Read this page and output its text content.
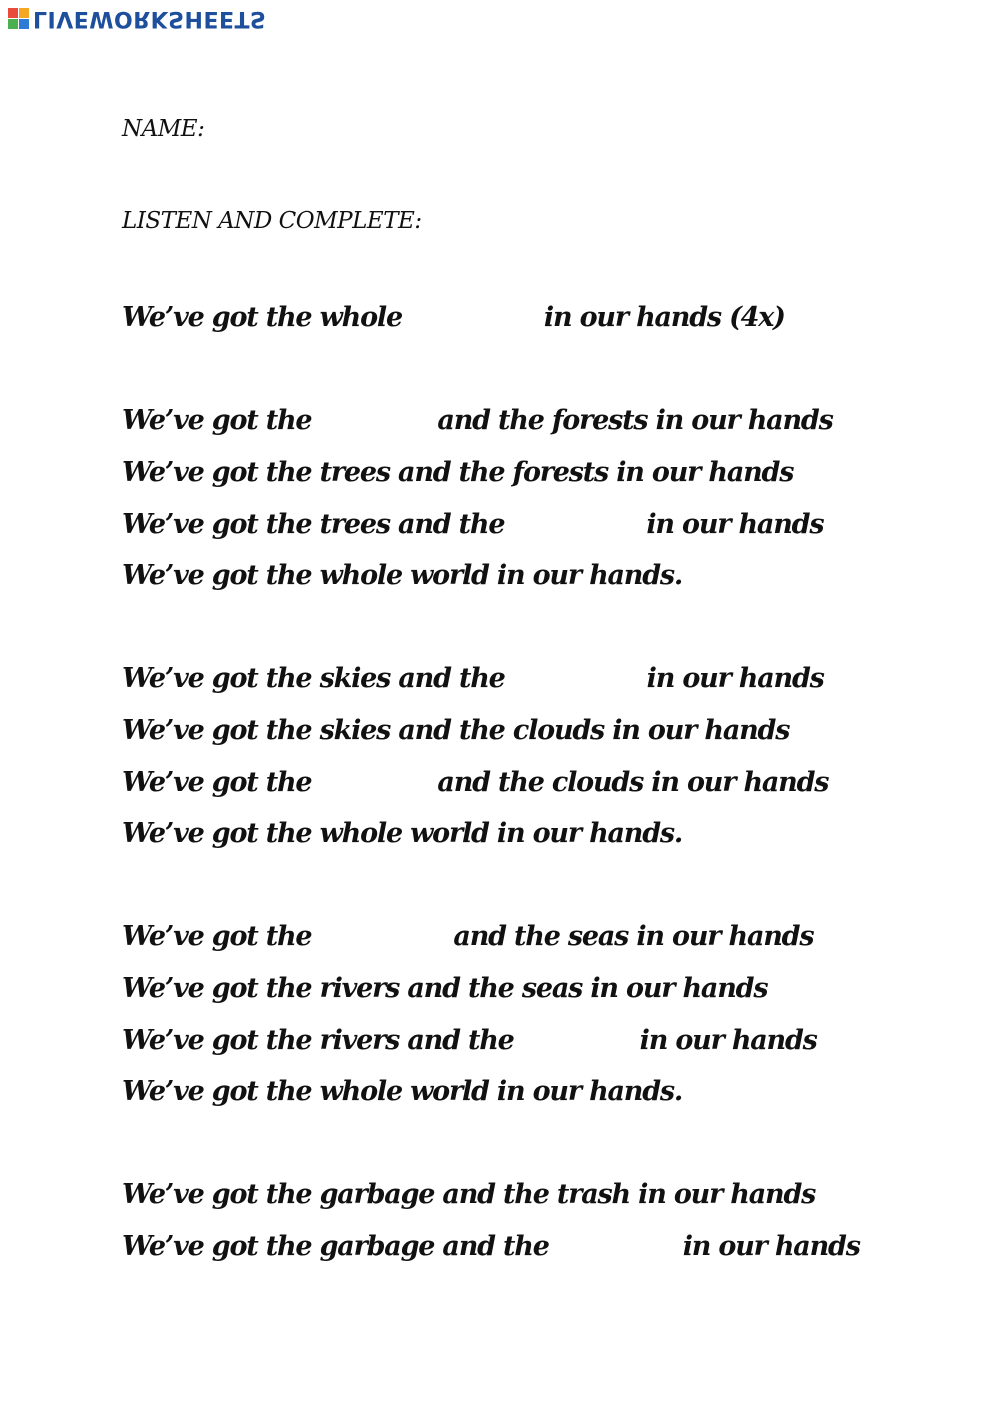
LIVEWORKSHEETS
NAME:
LISTEN AND COMPLETE:
We’ve got the whole	in our hands (4x)
We’ve got the	and the forests in our hands
We’ve got the trees and the forests in our hands
We’ve got the trees and the	in our hands
We’ve got the whole world in our hands.
We’ve got the skies and the	in our hands
We’ve got the skies and the clouds in our hands
We’ve got the	and the clouds in our hands
We’ve got the whole world in our hands.
We’ve got the	and the seas in our hands
We’ve got the rivers and the seas in our hands
We’ve got the rivers and the	in our hands
We’ve got the whole world in our hands.
We’ve got the garbage and the trash in our hands
We’ve got the garbage and the	in our hands
